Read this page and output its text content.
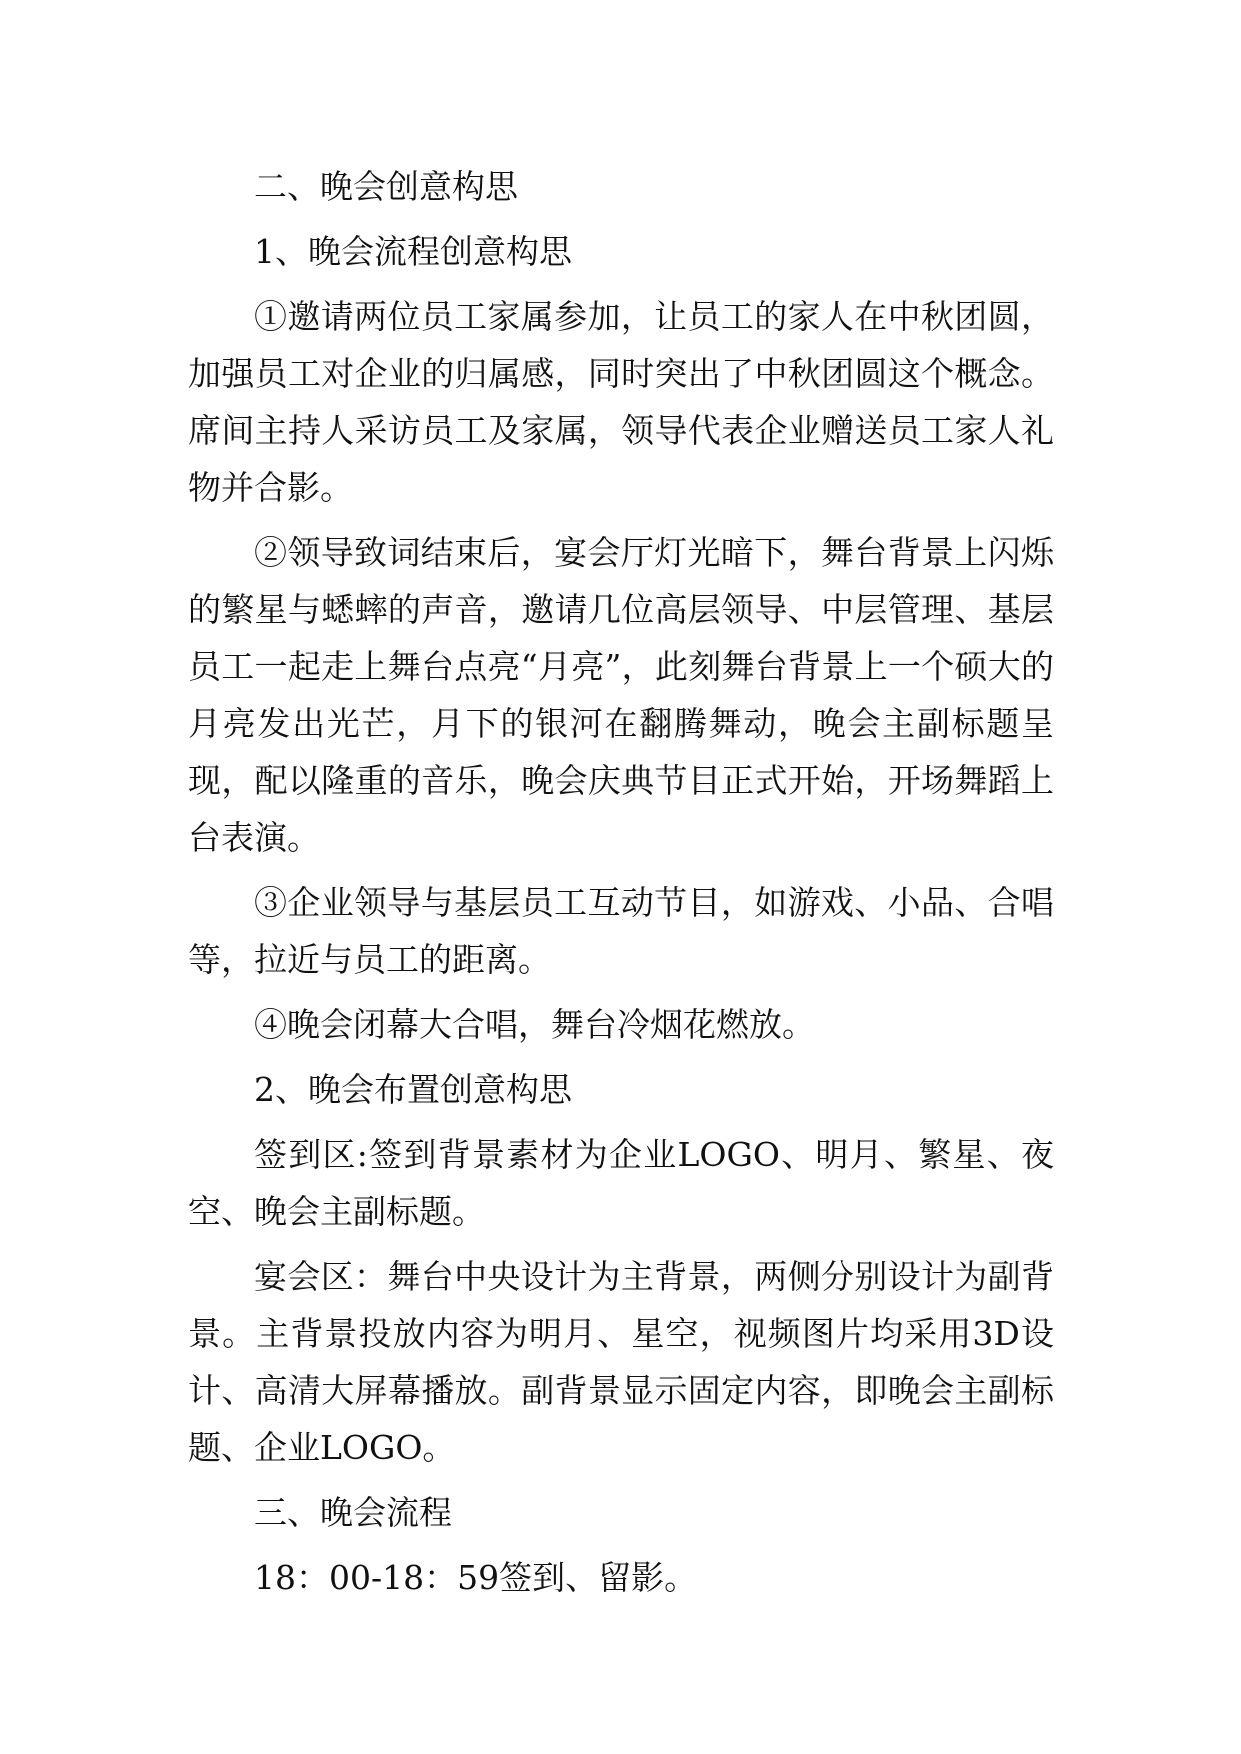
二、晚会创意构思

1、晚会流程创意构思

①邀请两位员工家属参加，让员工的家人在中秋团圆，加强员工对企业的归属感，同时突出了中秋团圆这个概念。席间主持人采访员工及家属，领导代表企业赠送员工家人礼物并合影。

②领导致词结束后，宴会厅灯光暗下，舞台背景上闪烁的繁星与蟋蟀的声音，邀请几位高层领导、中层管理、基层员工一起走上舞台点亮“月亮”，此刻舞台背景上一个硕大的月亮发出光芒，月下的银河在翻腾舞动，晚会主副标题呈现，配以隆重的音乐，晚会庆典节目正式开始，开场舞蹈上台表演。

③企业领导与基层员工互动节目，如游戏、小品、合唱等，拉近与员工的距离。

④晚会闭幕大合唱，舞台冷烟花燃放。

2、晚会布置创意构思

签到区:签到背景素材为企业LOGO、明月、繁星、夜空、晚会主副标题。

宴会区：舞台中央设计为主背景，两侧分别设计为副背景。主背景投放内容为明月、星空，视频图片均采用3D设计、高清大屏幕播放。副背景显示固定内容，即晚会主副标题、企业LOGO。

三、晚会流程

18：00-18：59签到、留影。
